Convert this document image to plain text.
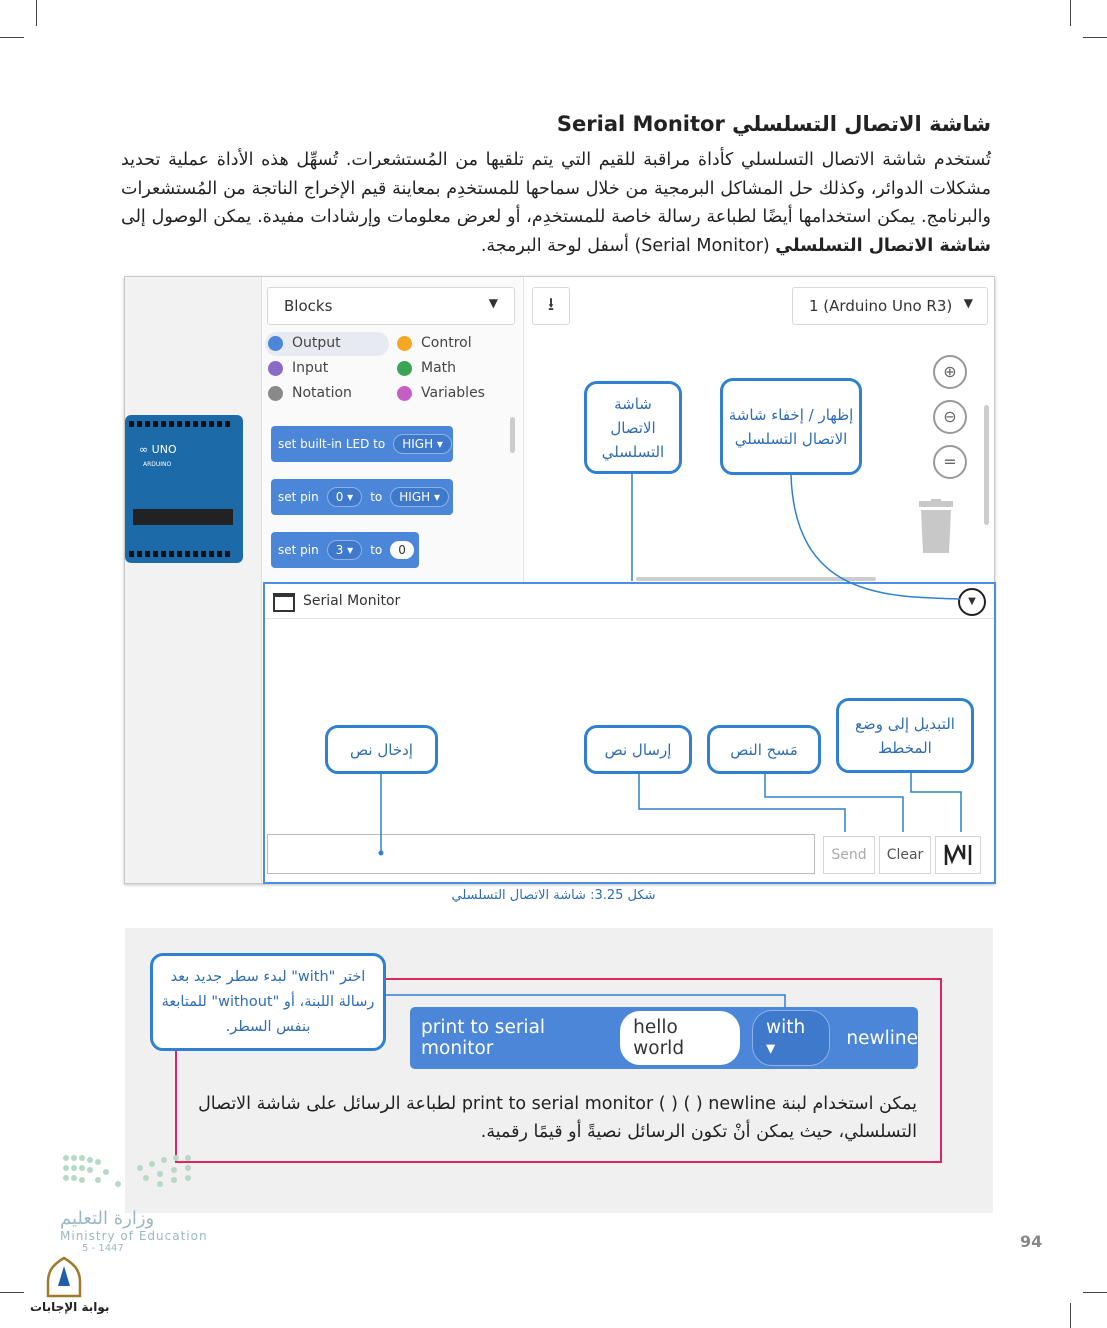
شاشة الاتصال التسلسلي Serial Monitor
تُستخدم شاشة الاتصال التسلسلي كأداة مراقبة للقيم التي يتم تلقيها من المُستشعرات. تُسهِّل هذه الأداة عملية تحديد مشكلات الدوائر، وكذلك حل المشاكل البرمجية من خلال سماحها للمستخدِم بمعاينة قيم الإخراج الناتجة من المُستشعرات والبرنامج. يمكن استخدامها أيضًا لطباعة رسالة خاصة للمستخدِم، أو لعرض معلومات وإرشادات مفيدة. يمكن الوصول إلى شاشة الاتصال التسلسلي (Serial Monitor) أسفل لوحة البرمجة.
∞ UNO
ARDUINO
Blocks	▼
Output	Control
Input	Math
Notation	Variables
set built-in LED to	HIGH ▾
set pin	0 ▾	to	HIGH ▾
set pin	3 ▾	to	0
⭳	1 (Arduino Uno R3) ▼
⊕
⊖
=
Serial Monitor	▼
Send	Clear
شاشة الاتصال التسلسلي
إظهار / إخفاء شاشة الاتصال التسلسلي
إدخال نص	إرسال نص	مَسح النص
التبديل إلى وضع المخطط
شكل 3.25: شاشة الاتصال التسلسلي
اختر "with" لبدء سطر جديد بعد رسالة اللبنة، أو "without" للمتابعة بنفس السطر.	print to serial monitor
hello world
with ▾	newline
يمكن استخدام لبنة print to serial monitor ( ) ( ) newline لطباعة الرسائل على شاشة الاتصال التسلسلي، حيث يمكن أنْ تكون الرسائل نصيةً أو قيمًا رقمية.
وزارة التعليم
Ministry of Education
5 - 1447
بوابة الإجابات
94
